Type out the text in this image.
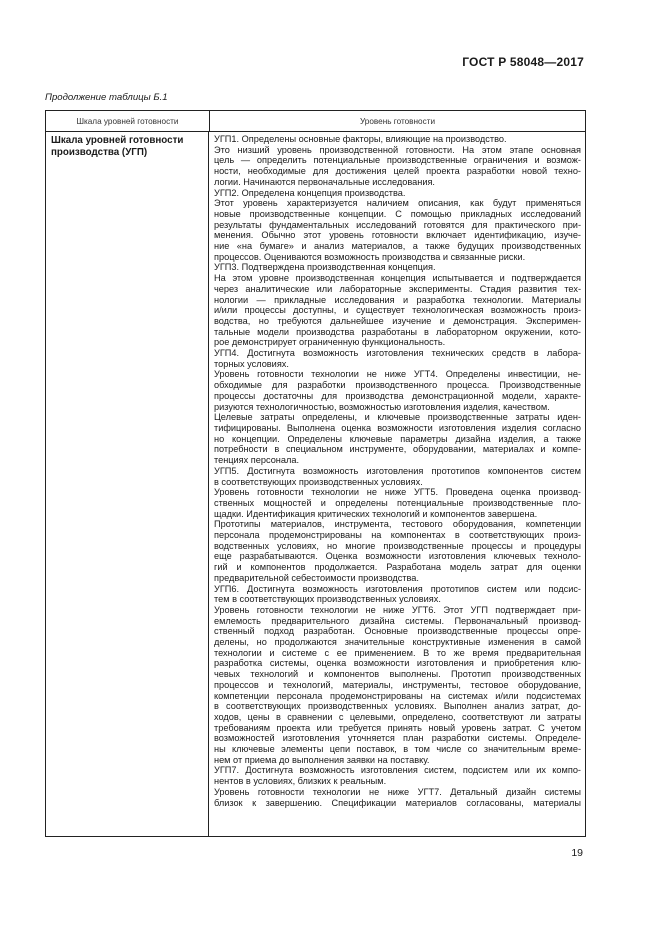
ГОСТ Р 58048—2017
Продолжение таблицы Б.1
Шкала уровней готовности	Уровень готовности
Шкала уровней готовности производства (УГП)
УГП1. Определены основные факторы, влияющие на производство.
Это низший уровень производственной готовности. На этом этапе основная
цель — определить потенциальные производственные ограничения и возмож-
ности, необходимые для достижения целей проекта разработки новой техно-
логии. Начинаются первоначальные исследования.
УГП2. Определена концепция производства.
Этот уровень характеризуется наличием описания, как будут применяться
новые производственные концепции. С помощью прикладных исследований
результаты фундаментальных исследований готовятся для практического при-
менения. Обычно этот уровень готовности включает идентификацию, изуче-
ние «на бумаге» и анализ материалов, а также будущих производственных
процессов. Оцениваются возможность производства и связанные риски.
УГП3. Подтверждена производственная концепция.
На этом уровне производственная концепция испытывается и подтверждается
через аналитические или лабораторные эксперименты. Стадия развития тех-
нологии — прикладные исследования и разработка технологии. Материалы
и/или процессы доступны, и существует технологическая возможность произ-
водства, но требуются дальнейшее изучение и демонстрация. Эксперимен-
тальные модели производства разработаны в лабораторном окружении, кото-
рое демонстрирует ограниченную функциональность.
УГП4. Достигнута возможность изготовления технических средств в лабора-
торных условиях.
Уровень готовности технологии не ниже УГТ4. Определены инвестиции, не-
обходимые для разработки производственного процесса. Производственные
процессы достаточны для производства демонстрационной модели, характе-
ризуются технологичностью, возможностью изготовления изделия, качеством.
Целевые затраты определены, и ключевые производственные затраты иден-
тифицированы. Выполнена оценка возможности изготовления изделия согласно
но концепции. Определены ключевые параметры дизайна изделия, а также
потребности в специальном инструменте, оборудовании, материалах и компе-
тенциях персонала.
УГП5. Достигнута возможность изготовления прототипов компонентов систем
в соответствующих производственных условиях.
Уровень готовности технологии не ниже УГТ5. Проведена оценка производ-
ственных мощностей и определены потенциальные производственные пло-
щадки. Идентификация критических технологий и компонентов завершена.
Прототипы материалов, инструмента, тестового оборудования, компетенции
персонала продемонстрированы на компонентах в соответствующих произ-
водственных условиях, но многие производственные процессы и процедуры
еще разрабатываются. Оценка возможности изготовления ключевых техноло-
гий и компонентов продолжается. Разработана модель затрат для оценки
предварительной себестоимости производства.
УГП6. Достигнута возможность изготовления прототипов систем или подсис-
тем в соответствующих производственных условиях.
Уровень готовности технологии не ниже УГТ6. Этот УГП подтверждает при-
емлемость предварительного дизайна системы. Первоначальный производ-
ственный подход разработан. Основные производственные процессы опре-
делены, но продолжаются значительные конструктивные изменения в самой
технологии и системе с ее применением. В то же время предварительная
разработка системы, оценка возможности изготовления и приобретения клю-
чевых технологий и компонентов выполнены. Прототип производственных
процессов и технологий, материалы, инструменты, тестовое оборудование,
компетенции персонала продемонстрированы на системах и/или подсистемах
в соответствующих производственных условиях. Выполнен анализ затрат, до-
ходов, цены в сравнении с целевыми, определено, соответствуют ли затраты
требованиям проекта или требуется принять новый уровень затрат. С учетом
возможностей изготовления уточняется план разработки системы. Определе-
ны ключевые элементы цепи поставок, в том числе со значительным време-
нем от приема до выполнения заявки на поставку.
УГП7. Достигнута возможность изготовления систем, подсистем или их компо-
нентов в условиях, близких к реальным.
Уровень готовности технологии не ниже УГТ7. Детальный дизайн системы
близок к завершению. Спецификации материалов согласованы, материалы
19
